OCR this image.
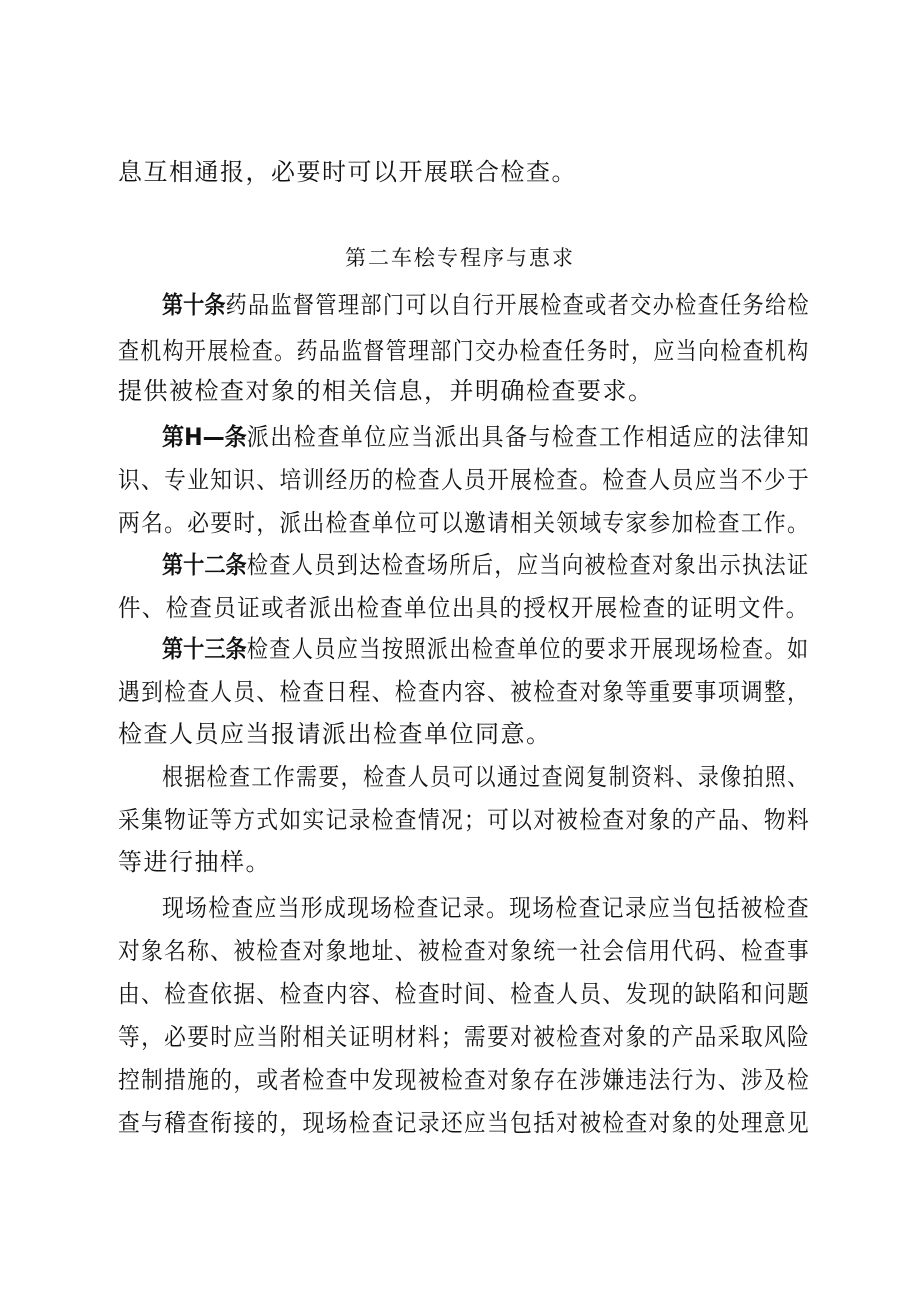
息互相通报，必要时可以开展联合检查。
第二车桧专程序与恵求
第十条药品监督管理部门可以自行开展检查或者交办检查任务给检
查机构开展检查。药品监督管理部门交办检查任务时，应当向检查机构
提供被检查对象的相关信息，并明确检查要求。
第H—条派出检查单位应当派出具备与检查工作相适应的法律知
识、专业知识、培训经历的检查人员开展检查。检查人员应当不少于
两名。必要时，派出检查单位可以邀请相关领域专家参加检查工作。
第十二条检查人员到达检查场所后，应当向被检查对象出示执法证
件、检查员证或者派出检查单位出具的授权开展检查的证明文件。
第十三条检查人员应当按照派出检查单位的要求开展现场检查。如
遇到检查人员、检查日程、检查内容、被检查对象等重要事项调整，
检查人员应当报请派出检查单位同意。
根据检查工作需要，检查人员可以通过查阅复制资料、录像拍照、
采集物证等方式如实记录检查情况；可以对被检查对象的产品、物料
等进行抽样。
现场检查应当形成现场检查记录。现场检查记录应当包括被检查
对象名称、被检查对象地址、被检查对象统一社会信用代码、检查事
由、检查依据、检查内容、检查时间、检查人员、发现的缺陷和问题
等，必要时应当附相关证明材料；需要对被检查对象的产品采取风险
控制措施的，或者检查中发现被检查对象存在涉嫌违法行为、涉及检
查与稽查衔接的，现场检查记录还应当包括对被检查对象的处理意见
